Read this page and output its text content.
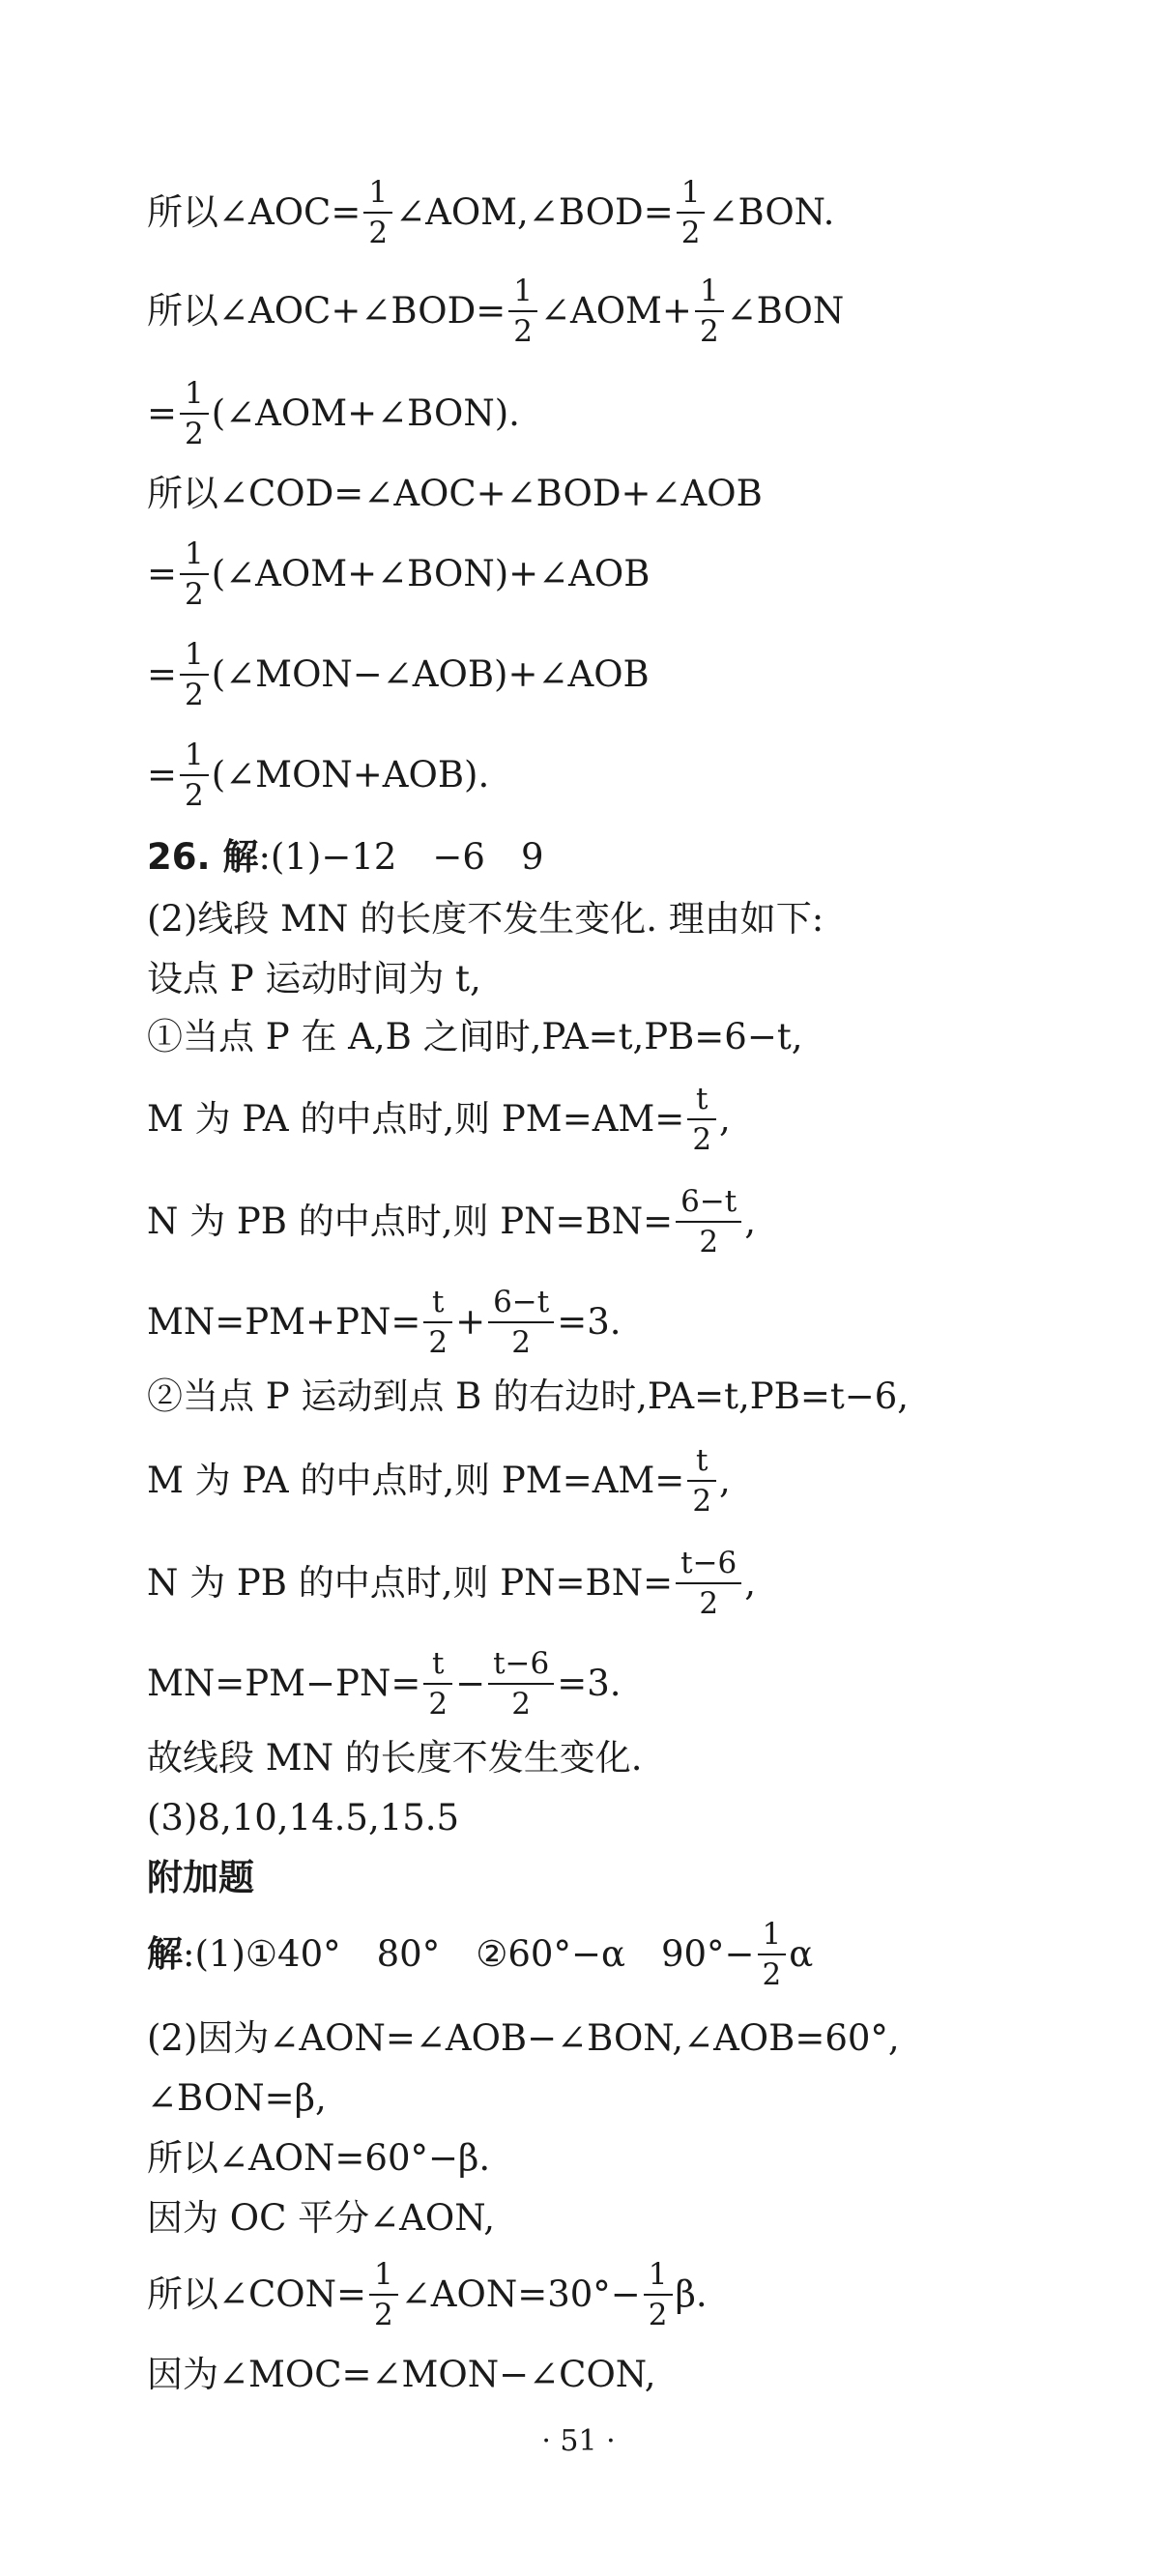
所以∠AOC= $\frac{1}{2}$ ∠AOM,∠BOD= $\frac{1}{2}$ ∠BON.
所以∠AOC+∠BOD= $\frac{1}{2}$ ∠AOM+ $\frac{1}{2}$ ∠BON
= $\frac{1}{2}$ (∠AOM+∠BON).
所以∠COD=∠AOC+∠BOD+∠AOB
= $\frac{1}{2}$ (∠AOM+∠BON)+∠AOB
= $\frac{1}{2}$ (∠MON−∠AOB)+∠AOB
= $\frac{1}{2}$ (∠MON+AOB).
26. 解:(1)−12　−6　9
(2)线段 MN 的长度不发生变化. 理由如下:
设点 P 运动时间为 t,
①当点 P 在 A,B 之间时,PA=t,PB=6−t,
M 为 PA 的中点时,则 $PM=AM= \frac{t}{2}$ ,
N 为 PB 的中点时,则 $PN=BN= \frac{6-t}{2}$ ,
$MN=PM+PN= \frac{t}{2} + \frac{6-t}{2} =3$.
②当点 P 运动到点 B 的右边时,PA=t,PB=t−6,
M 为 PA 的中点时,则 $PM=AM= \frac{t}{2}$ ,
N 为 PB 的中点时,则 $PN=BN= \frac{t-6}{2}$ ,
$MN=PM-PN= \frac{t}{2} - \frac{t-6}{2} =3$.
故线段 MN 的长度不发生变化.
(3)8,10,14.5,15.5
附加题
解:(1)①40°　80°　②60°−α　$90^\circ- \frac{1}{2}$ α
(2)因为∠AON=∠AOB−∠BON,∠AOB=60°,
∠BON=β,
所以∠AON=60°−β.
因为 OC 平分∠AON,
所以∠CON= $\frac{1}{2}$ ∠AON=30°− $\frac{1}{2} \beta$.
因为∠MOC=∠MON−∠CON,
· 51 ·
